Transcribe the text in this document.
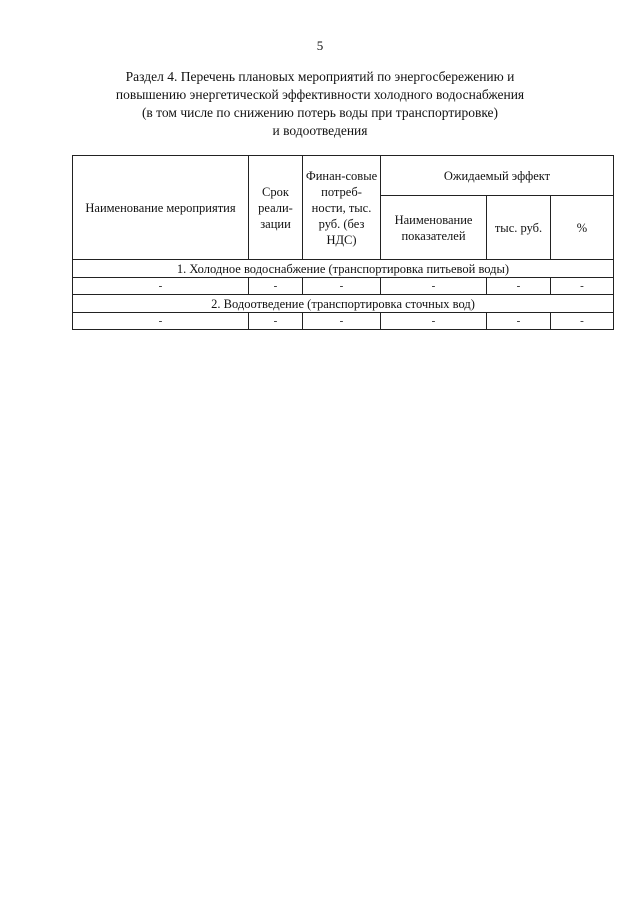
5
Раздел 4. Перечень плановых мероприятий по энергосбережению и
повышению энергетической эффективности холодного водоснабжения
(в том числе по снижению потерь воды при транспортировке)
и водоотведения
Наименование мероприятия	Срок реали-зации	Финан-совые потреб-ности, тыс. руб. (без НДС)	Ожидаемый эффект		
			Наименование показателей	тыс. руб.	%
1. Холодное водоснабжение (транспортировка питьевой воды)					
-	-	-	-	-	-
2. Водоотведение (транспортировка сточных вод)					
-	-	-	-	-	-
